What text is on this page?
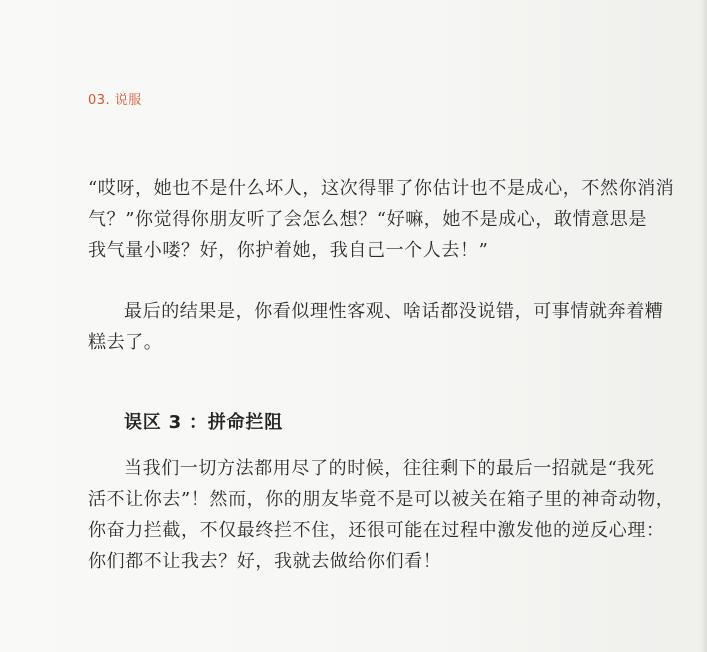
03. 说服

“哎呀，她也不是什么坏人，这次得罪了你估计也不是成心，不然你消消
气？”你觉得你朋友听了会怎么想？“好嘛，她不是成心，敢情意思是
我气量小喽？好，你护着她，我自己一个人去！”

最后的结果是，你看似理性客观、啥话都没说错，可事情就奔着糟
糕去了。

误区 3 ：拼命拦阻

当我们一切方法都用尽了的时候，往往剩下的最后一招就是“我死
活不让你去”！然而，你的朋友毕竟不是可以被关在箱子里的神奇动物，
你奋力拦截，不仅最终拦不住，还很可能在过程中激发他的逆反心理：
你们都不让我去？好，我就去做给你们看！
